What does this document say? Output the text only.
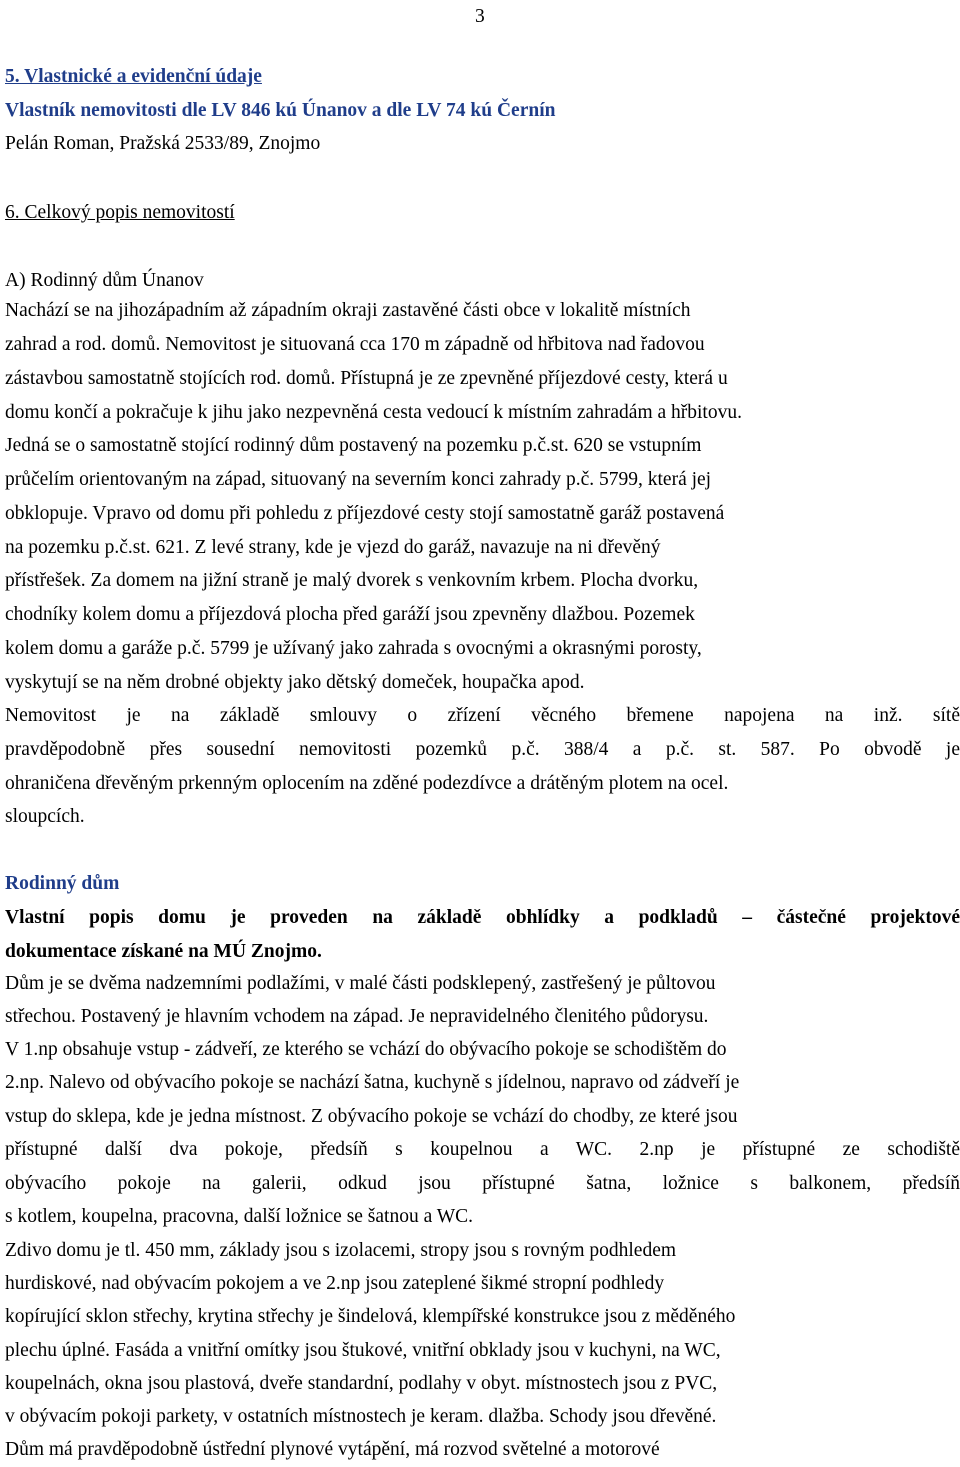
3
5. Vlastnické a evidenční údaje
Vlastník nemovitosti dle LV 846 kú Únanov a dle LV 74 kú Černín
Pelán Roman, Pražská 2533/89, Znojmo
6. Celkový popis nemovitostí
A) Rodinný dům Únanov
Nachází se na jihozápadním až západním okraji zastavěné části obce v lokalitě místních
zahrad a rod. domů. Nemovitost je situovaná cca 170 m západně od hřbitova nad řadovou
zástavbou samostatně stojících rod. domů. Přístupná je ze zpevněné příjezdové cesty, která u
domu končí a pokračuje k jihu jako nezpevněná cesta vedoucí k místním zahradám a hřbitovu.
Jedná se o samostatně stojící rodinný dům postavený na pozemku p.č.st. 620 se vstupním
průčelím orientovaným na západ, situovaný na severním konci zahrady p.č. 5799, která jej
obklopuje. Vpravo od domu při pohledu z příjezdové cesty stojí samostatně garáž postavená
na pozemku p.č.st. 621. Z levé strany, kde je vjezd do garáž, navazuje na ni dřevěný
přístřešek. Za domem na jižní straně je malý dvorek s venkovním krbem. Plocha dvorku,
chodníky kolem domu a příjezdová plocha před garáží jsou zpevněny dlažbou. Pozemek
kolem domu a garáže p.č. 5799 je užívaný jako zahrada s ovocnými a okrasnými porosty,
vyskytují se na něm drobné objekty jako dětský domeček, houpačka apod.
Nemovitost je na základě smlouvy o zřízení věcného břemene napojena na inž. sítě
pravděpodobně přes sousední nemovitosti pozemků p.č. 388/4 a p.č. st. 587. Po obvodě je
ohraničena dřevěným prkenným oplocením na zděné podezdívce a drátěným plotem na ocel.
sloupcích.
Rodinný dům
Vlastní popis domu je proveden na základě obhlídky a podkladů – částečné projektové
dokumentace získané na MÚ Znojmo.
Dům je se dvěma nadzemními podlažími, v malé části podsklepený, zastřešený je půltovou
střechou. Postavený je hlavním vchodem na západ. Je nepravidelného členitého půdorysu.
V 1.np obsahuje vstup - zádveří, ze kterého se vchází do obývacího pokoje se schodištěm do
2.np. Nalevo od obývacího pokoje se nachází šatna, kuchyně s jídelnou, napravo od zádveří je
vstup do sklepa, kde je jedna místnost. Z obývacího pokoje se vchází do chodby, ze které jsou
přístupné další dva pokoje, předsíň s koupelnou a WC. 2.np je přístupné ze schodiště
obývacího pokoje na galerii, odkud jsou přístupné šatna, ložnice s balkonem, předsíň
s kotlem, koupelna, pracovna, další ložnice se šatnou a WC.
Zdivo domu je tl. 450 mm, základy jsou s izolacemi, stropy jsou s rovným podhledem
hurdiskové, nad obývacím pokojem a ve 2.np jsou zateplené šikmé stropní podhledy
kopírující sklon střechy, krytina střechy je šindelová, klempířské konstrukce jsou z měděného
plechu úplné. Fasáda a vnitřní omítky jsou štukové, vnitřní obklady jsou v kuchyni, na WC,
koupelnách, okna jsou plastová, dveře standardní, podlahy v obyt. místnostech jsou z PVC,
v obývacím pokoji parkety, v ostatních místnostech je keram. dlažba. Schody jsou dřevěné.
Dům má pravděpodobně ústřední plynové vytápění, má rozvod světelné a motorové
